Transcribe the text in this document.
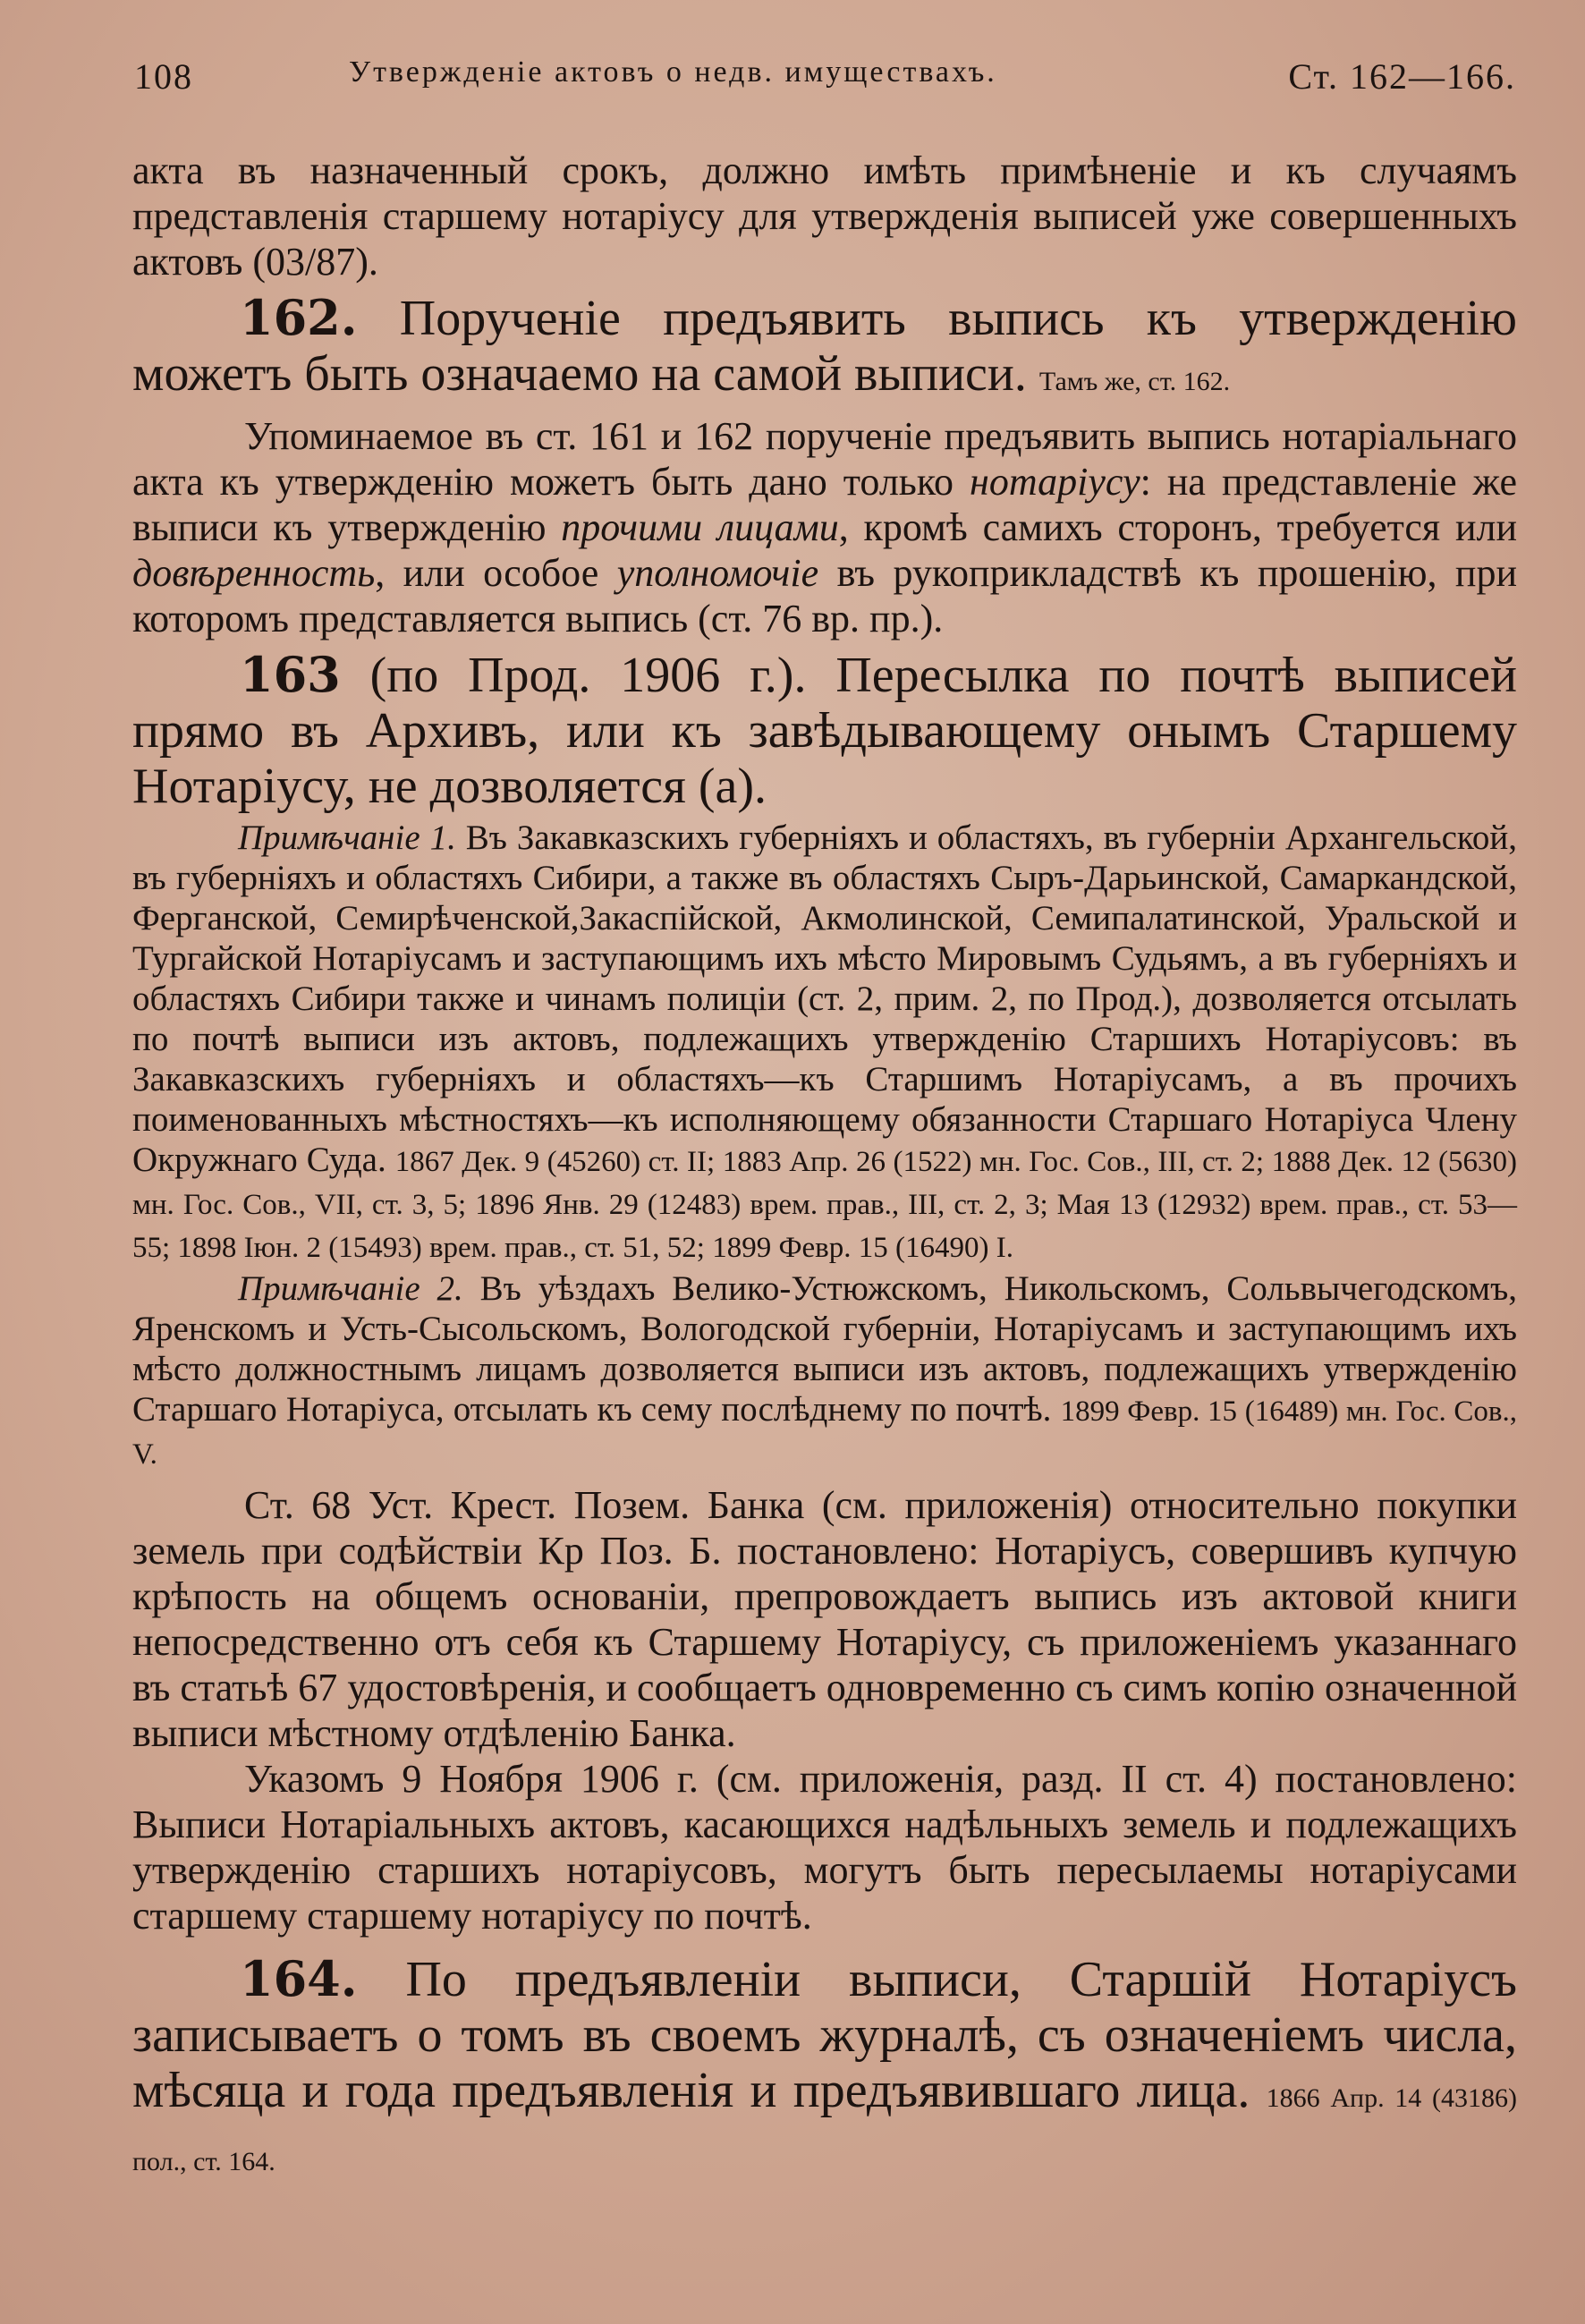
108	Утвержденіе актовъ о недв. имуществахъ.	Ст. 162—166.

акта въ назначенный срокъ, должно имѣть примѣненіе и къ случаямъ представленія старшему нотаріусу для утвержденія выписей уже совершенныхъ актовъ (03/87).

162. Порученіе предъявить выпись къ утвержденію можетъ быть означаемо на самой выписи. Тамъ же, ст. 162.

Упоминаемое въ ст. 161 и 162 порученіе предъявить выпись нотаріальнаго акта къ утвержденію можетъ быть дано только нотаріусу: на представленіе же выписи къ утвержденію прочими лицами, кромѣ самихъ сторонъ, требуется или довѣренность, или особое уполномочіе въ рукоприкладствѣ къ прошенію, при которомъ представляется выпись (ст. 76 вр. пр.).

163 (по Прод. 1906 г.). Пересылка по почтѣ выписей прямо въ Архивъ, или къ завѣдывающему онымъ Старшему Нотаріусу, не дозволяется (а).

Примѣчаніе 1. Въ Закавказскихъ губерніяхъ и областяхъ, въ губерніи Архангельской, въ губерніяхъ и областяхъ Сибири, а также въ областяхъ Сыръ-Дарьинской, Самаркандской, Ферганской, Семирѣченской,Закаспійской, Акмолинской, Семипалатинской, Уральской и Тургайской Нотаріусамъ и заступающимъ ихъ мѣсто Мировымъ Судьямъ, а въ губерніяхъ и областяхъ Сибири также и чинамъ полиціи (ст. 2, прим. 2, по Прод.), дозволяется отсылать по почтѣ выписи изъ актовъ, подлежащихъ утвержденію Старшихъ Нотаріусовъ: въ Закавказскихъ губерніяхъ и областяхъ—къ Старшимъ Нотаріусамъ, а въ прочихъ поименованныхъ мѣстностяхъ—къ исполняющему обязанности Старшаго Нотаріуса Члену Окружнаго Суда. 1867 Дек. 9 (45260) ст. II; 1883 Апр. 26 (1522) мн. Гос. Сов., III, ст. 2; 1888 Дек. 12 (5630) мн. Гос. Сов., VII, ст. 3, 5; 1896 Янв. 29 (12483) врем. прав., III, ст. 2, 3; Мая 13 (12932) врем. прав., ст. 53—55; 1898 Іюн. 2 (15493) врем. прав., ст. 51, 52; 1899 Февр. 15 (16490) I.

Примѣчаніе 2. Въ уѣздахъ Велико-Устюжскомъ, Никольскомъ, Сольвычегодскомъ, Яренскомъ и Усть-Сысольскомъ, Вологодской губерніи, Нотаріусамъ и заступающимъ ихъ мѣсто должностнымъ лицамъ дозволяется выписи изъ актовъ, подлежащихъ утвержденію Старшаго Нотаріуса, отсылать къ сему послѣднему по почтѣ. 1899 Февр. 15 (16489) мн. Гос. Сов., V.

Ст. 68 Уст. Крест. Позем. Банка (см. приложенія) относительно покупки земель при содѣйствіи Кр Поз. Б. постановлено: Нотаріусъ, совершивъ купчую крѣпость на общемъ основаніи, препровождаетъ выпись изъ актовой книги непосредственно отъ себя къ Старшему Нотаріусу, съ приложеніемъ указаннаго въ статьѣ 67 удостовѣренія, и сообщаетъ одновременно съ симъ копію означенной выписи мѣстному отдѣленію Банка.

Указомъ 9 Ноября 1906 г. (см. приложенія, разд. II ст. 4) постановлено: Выписи Нотаріальныхъ актовъ, касающихся надѣльныхъ земель и подлежащихъ утвержденію старшихъ нотаріусовъ, могутъ быть пересылаемы нотаріусами старшему старшему нотаріусу по почтѣ.

164. По предъявленіи выписи, Старшій Нотаріусъ записываетъ о томъ въ своемъ журналѣ, съ означеніемъ числа, мѣсяца и года предъявленія и предъявившаго лица. 1866 Апр. 14 (43186) пол., ст. 164.
